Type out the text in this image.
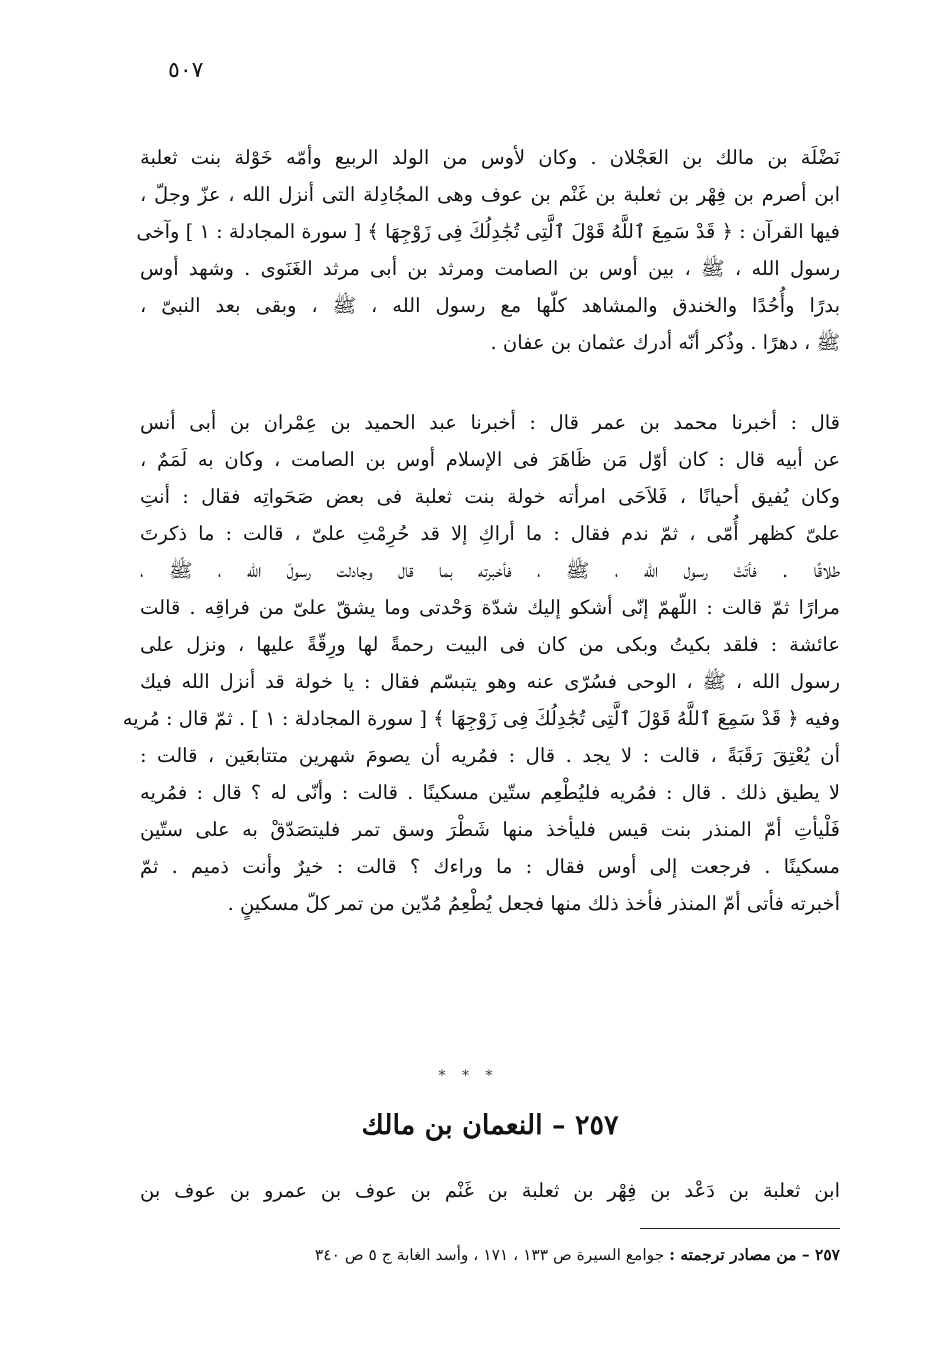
٥٠٧
نَضْلَة بن مالك بن العَجْلان . وكان لأوس من الولد الربيع وأمّه خَوْلة بنت ثعلبة
ابن أصرم بن فِهْر بن ثعلبة بن غَنْم بن عوف وهى المجُادِلة التى أنزل الله ، عزّ وجلّ ،
فيها القرآن : ﴿ قَدْ سَمِعَ ٱللَّهُ قَوْلَ ٱلَّتِى تُجَٰدِلُكَ فِى زَوْجِهَا ﴾ [ سورة المجادلة : ١ ] وآخى
رسول الله ، ﷺ ، بين أوس بن الصامت ومرثد بن أبى مرثد الغَنَوى . وشهد أوس
بدرًا وأُحُدًا والخندق والمشاهد كلّها مع رسول الله ، ﷺ ، وبقى بعد النبىّ ،
ﷺ ، دهرًا . وذُكر أنّه أدرك عثمان بن عفان .
قال : أخبرنا محمد بن عمر قال : أخبرنا عبد الحميد بن عِمْران بن أبى أنس
عن أبيه قال : كان أوّل مَن ظَاهَرَ فى الإسلام أوس بن الصامت ، وكان به لَمَمٌ ،
وكان يُفيق أحيانًا ، فَلاَحَى امرأته خولة بنت ثعلبة فى بعض صَحَواتِه فقال : أنتِ
علىّ كظهر أُمّى ، ثمّ ندم فقال : ما أراكِ إلا قد حُرِمْتِ علىّ ، قالت : ما ذكرتَ
طلاقًا . فأتَتْ رسول الله ، ﷺ ، فأخبرته بما قال وجادلت رسولَ الله ، ﷺ ،
مرارًا ثمّ قالت : اللّهمّ إنّى أشكو إليك شدّة وَحْدتى وما يشقّ علىّ من فراقِه . قالت
عائشة : فلقد بكيتُ وبكى من كان فى البيت رحمةً لها ورِقّةً عليها ، ونزل على
رسول الله ، ﷺ ، الوحى فسُرّى عنه وهو يتبسّم فقال : يا خولة قد أنزل الله فيك
وفيه ﴿ قَدْ سَمِعَ ٱللَّهُ قَوْلَ ٱلَّتِى تُجَٰدِلُكَ فِى زَوْجِهَا ﴾ [ سورة المجادلة : ١ ] . ثمّ قال : مُريه
أن يُعْتِقَ رَقَبَةً ، قالت : لا يجد . قال : فمُريه أن يصومَ شهرين متتابعَين ، قالت :
لا يطيق ذلك . قال : فمُريه فليُطْعِم ستّين مسكينًا . قالت : وأنّى له ؟ قال : فمُريه
فَلْيأتِ أمّ المنذر بنت قيس فليأخذ منها شَطْرَ وسق تمر فليتصَدّقْ به على ستّين
مسكينًا . فرجعت إلى أوس فقال : ما وراءك ؟ قالت : خيرٌ وأنت ذميم . ثمّ
أخبرته فأتى أمّ المنذر فأخذ ذلك منها فجعل يُطْعِمُ مُدّين من تمر كلّ مسكينٍ .
* * *
٢٥٧ – النعمان بن مالك
ابن ثعلبة بن دَعْد بن فِهْر بن ثعلبة بن غَنْم بن عوف بن عمرو بن عوف بن
٢٥٧ – من مصادر ترجمته : جوامع السيرة ص ١٣٣ ، ١٧١ ، وأسد الغابة ج ٥ ص ٣٤٠
